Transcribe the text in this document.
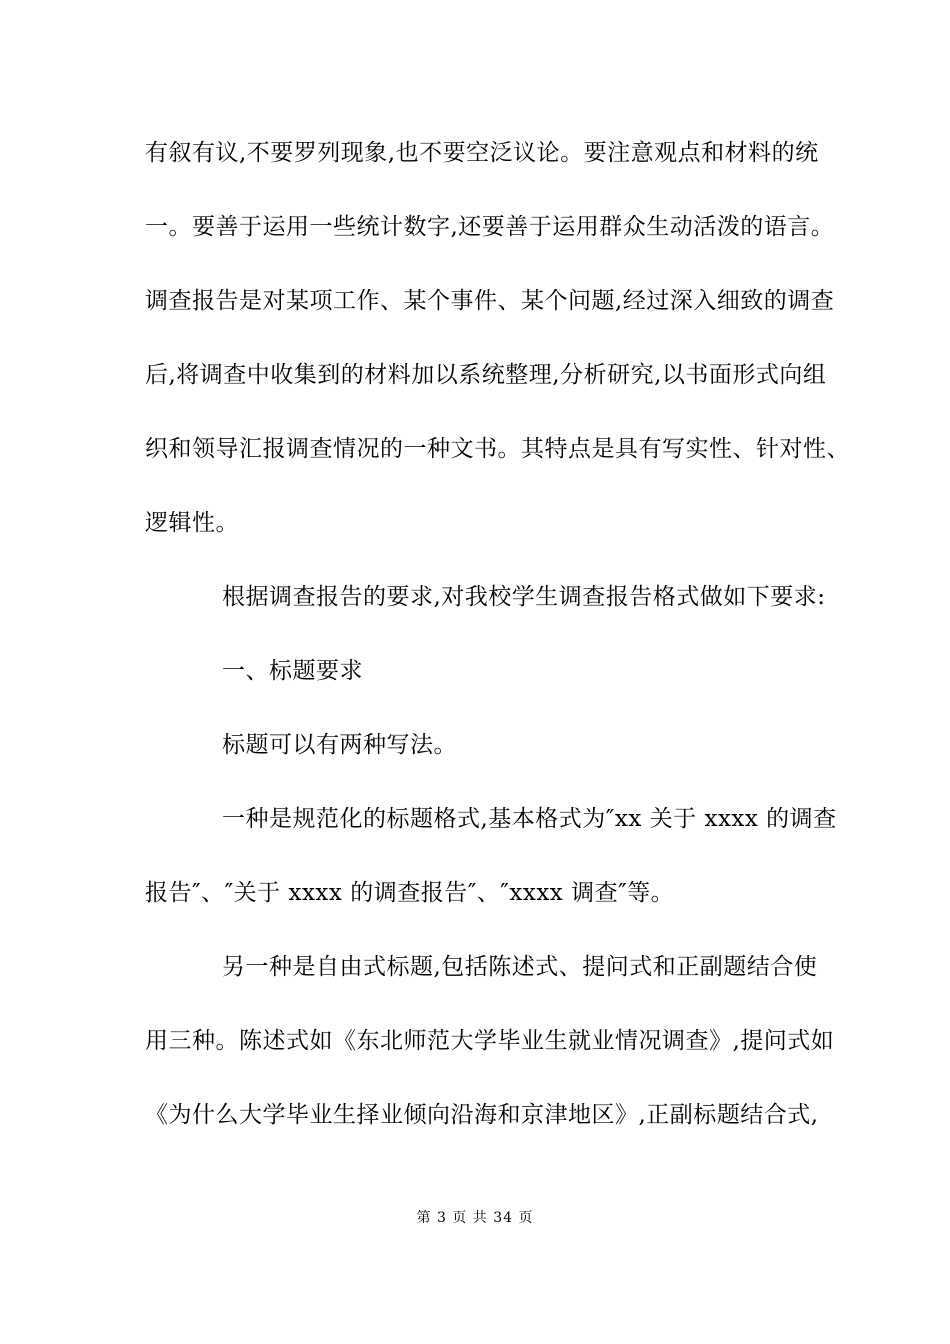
有叙有议,不要罗列现象,也不要空泛议论。要注意观点和材料的统
一。要善于运用一些统计数字,还要善于运用群众生动活泼的语言。
调查报告是对某项工作、某个事件、某个问题,经过深入细致的调查
后,将调查中收集到的材料加以系统整理,分析研究,以书面形式向组
织和领导汇报调查情况的一种文书。其特点是具有写实性、针对性、
逻辑性。
根据调查报告的要求,对我校学生调查报告格式做如下要求:
一、标题要求
标题可以有两种写法。
一种是规范化的标题格式,基本格式为″xx 关于 xxxx 的调查
报告″、″关于 xxxx 的调查报告″、″xxxx 调查″等。
另一种是自由式标题,包括陈述式、提问式和正副题结合使
用三种。陈述式如《东北师范大学毕业生就业情况调查》,提问式如
《为什么大学毕业生择业倾向沿海和京津地区》,正副标题结合式,
第 3 页 共 34 页
